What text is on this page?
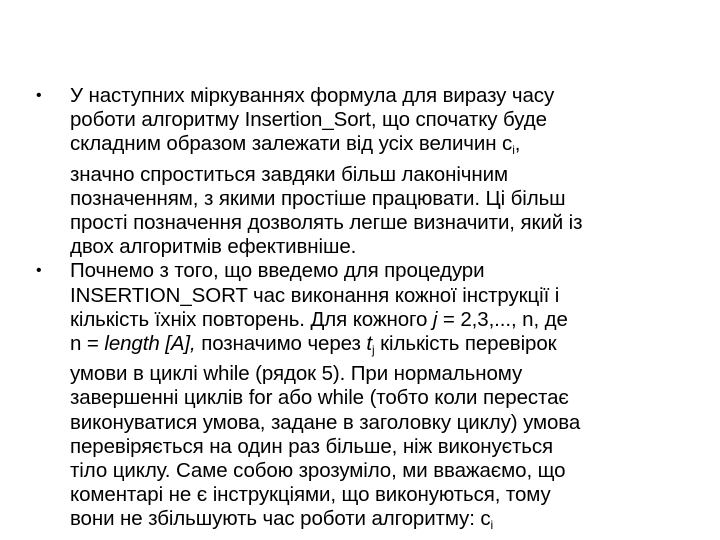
• У наступних міркуваннях формула для виразу часу
роботи алгоритму Insertion_Sort, що спочатку буде
складним образом залежати від усіх величин $c_i$,
значно спроститься завдяки більш лаконічним
позначенням, з якими простіше працювати. Ці більш
прості позначення дозволять легше визначити, який із
двох алгоритмів ефективніше.
• Почнемо з того, що введемо для процедури
INSERTION_SORT час виконання кожної інструкції і
кількість їхніх повторень. Для кожного j = 2,3,..., n, де
n = length [A], позначимо через $t_j$ кількість перевірок
умови в циклі while (рядок 5). При нормальному
завершенні циклів for або while (тобто коли перестає
виконуватися умова, задане в заголовку циклу) умова
перевіряється на один раз більше, ніж виконується
тіло циклу. Саме собою зрозуміло, ми вважаємо, що
коментарі не є інструкціями, що виконуються, тому
вони не збільшують час роботи алгоритму: $c_i$
